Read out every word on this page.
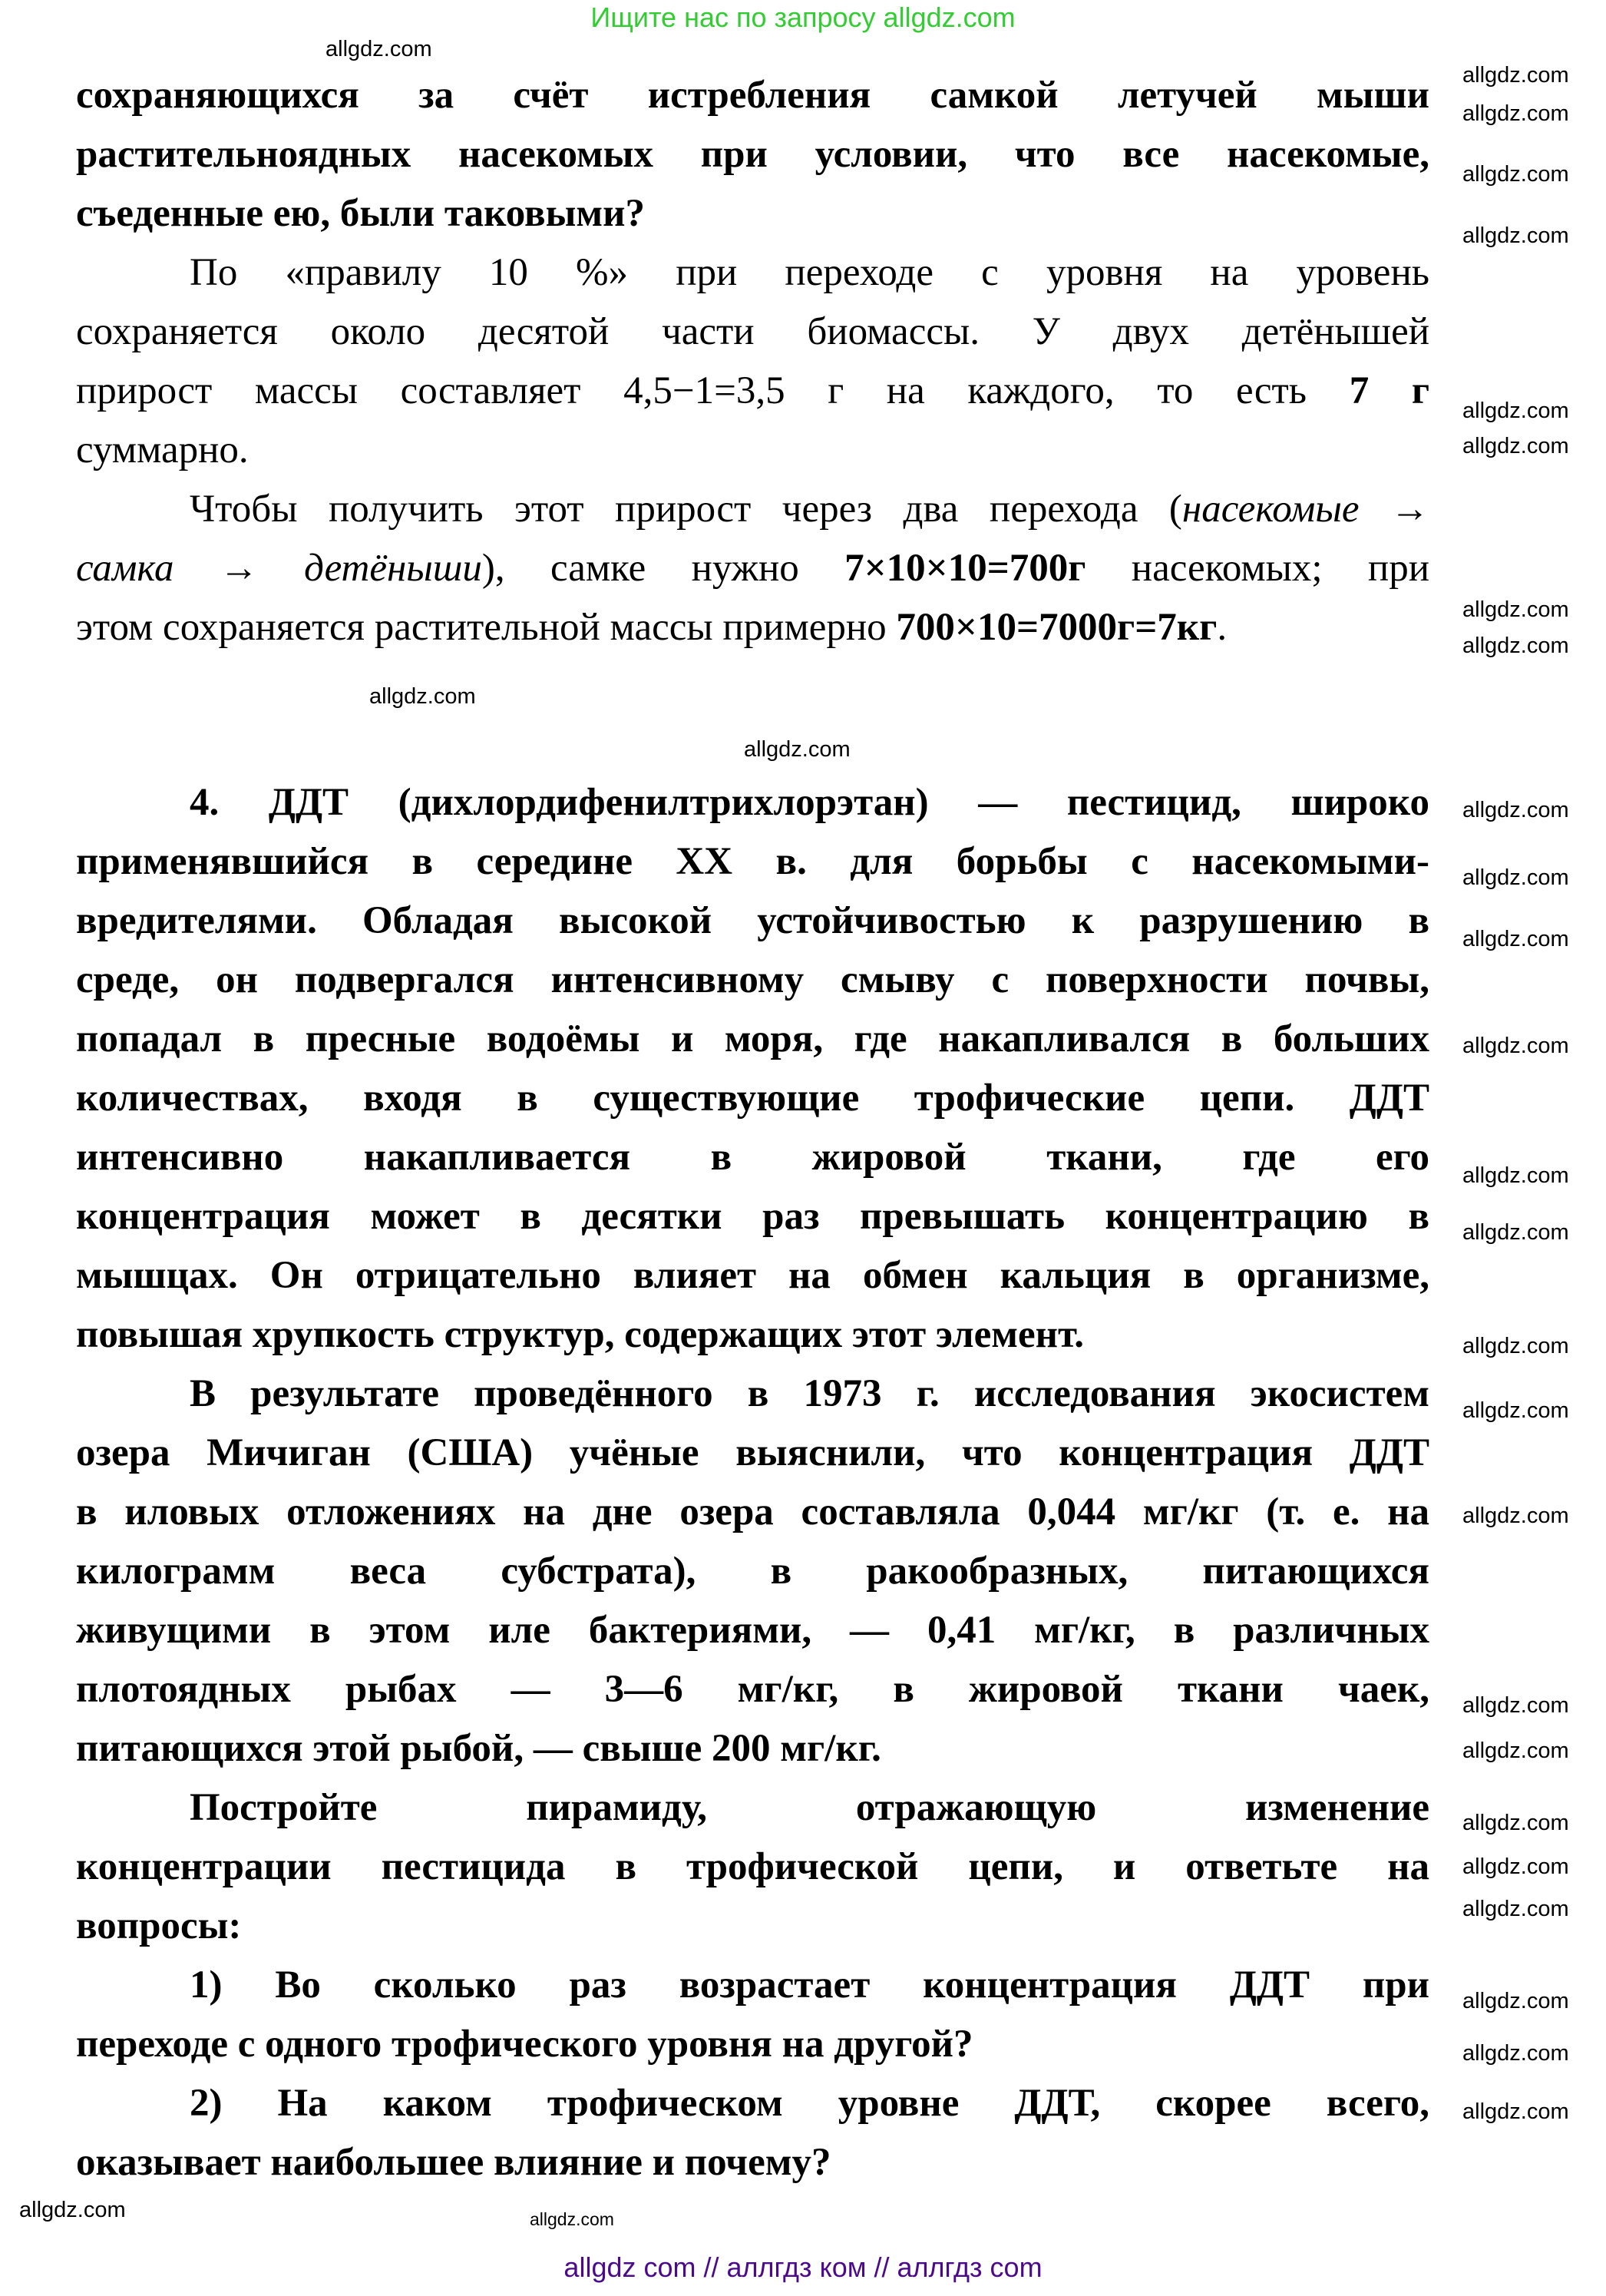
Ищите нас по запросу allgdz.com
сохраняющихся за счёт истребления самкой летучей мыши
растительноядных насекомых при условии, что все насекомые,
съеденные ею, были таковыми?
По «правилу 10 %» при переходе с уровня на уровень
сохраняется около десятой части биомассы. У двух детёнышей
прирост массы составляет 4,5−1=3,5 г на каждого, то есть 7 г
суммарно.
Чтобы получить этот прирост через два перехода (насекомые →
самка → детёныши), самке нужно 7×10×10=700г насекомых; при
этом сохраняется растительной массы примерно 700×10=7000г=7кг.
4. ДДТ (дихлордифенилтрихлорэтан) — пестицид, широко
применявшийся в середине XX в. для борьбы с насекомыми-
вредителями. Обладая высокой устойчивостью к разрушению в
среде, он подвергался интенсивному смыву с поверхности почвы,
попадал в пресные водоёмы и моря, где накапливался в больших
количествах, входя в существующие трофические цепи. ДДТ
интенсивно накапливается в жировой ткани, где его
концентрация может в десятки раз превышать концентрацию в
мышцах. Он отрицательно влияет на обмен кальция в организме,
повышая хрупкость структур, содержащих этот элемент.
В результате проведённого в 1973 г. исследования экосистем
озера Мичиган (США) учёные выяснили, что концентрация ДДТ
в иловых отложениях на дне озера составляла 0,044 мг/кг (т. е. на
килограмм веса субстрата), в ракообразных, питающихся
живущими в этом иле бактериями, — 0,41 мг/кг, в различных
плотоядных рыбах — 3—6 мг/кг, в жировой ткани чаек,
питающихся этой рыбой, — свыше 200 мг/кг.
Постройте пирамиду, отражающую изменение
концентрации пестицида в трофической цепи, и ответьте на
вопросы:
1) Во сколько раз возрастает концентрация ДДТ при
переходе с одного трофического уровня на другой?
2) На каком трофическом уровне ДДТ, скорее всего,
оказывает наибольшее влияние и почему?
allgdz.com
allgdz.com
allgdz.com
allgdz.com
allgdz.com
allgdz.com
allgdz.com
allgdz.com
allgdz.com
allgdz.com
allgdz.com
allgdz.com
allgdz.com
allgdz.com
allgdz.com
allgdz.com
allgdz.com
allgdz.com
allgdz.com
allgdz.com
allgdz.com
allgdz.com
allgdz.com
allgdz.com
allgdz.com
allgdz.com
allgdz.com
allgdz.com
allgdz.com	allgdz.com
allgdz com // аллгдз ком // аллгдз com
